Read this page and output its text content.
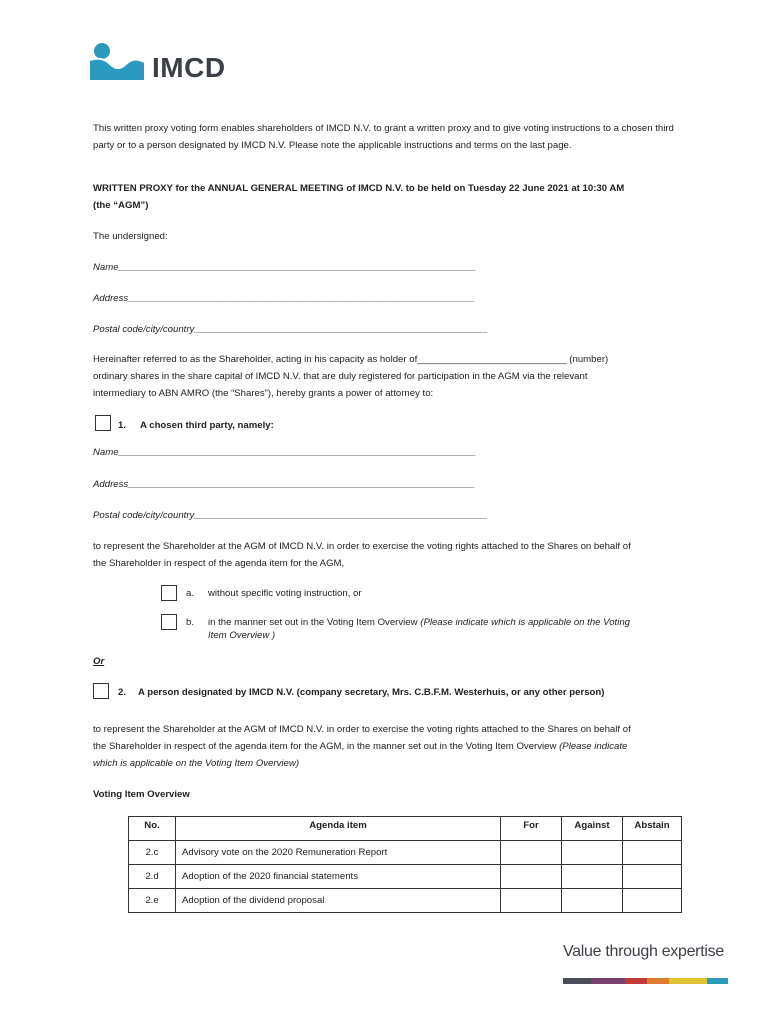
IMCD
This written proxy voting form enables shareholders of IMCD N.V. to grant a written proxy and to give voting instructions to a chosen third party or to a person designated by IMCD N.V. Please note the applicable instructions and terms on the last page.
WRITTEN PROXY for the ANNUAL GENERAL MEETING of IMCD N.V. to be held on Tuesday 22 June 2021 at 10:30 AM
(the “AGM”)
The undersigned:
Name___________________________________________________________________
Address_________________________________________________________________
Postal code/city/country_______________________________________________________
Hereinafter referred to as the Shareholder, acting in his capacity as holder of____________________________ (number)
ordinary shares in the share capital of IMCD N.V. that are duly registered for participation in the AGM via the relevant
intermediary to ABN AMRO (the “Shares”), hereby grants a power of attorney to:
1. A chosen third party, namely:
Name___________________________________________________________________
Address_________________________________________________________________
Postal code/city/country_______________________________________________________
to represent the Shareholder at the AGM of IMCD N.V. in order to exercise the voting rights attached to the Shares on behalf of
the Shareholder in respect of the agenda item for the AGM,
a. without specific voting instruction, or
b. in the manner set out in the Voting Item Overview (Please indicate which is applicable on the Voting
Item Overview )
Or
2. A person designated by IMCD N.V. (company secretary, Mrs. C.B.F.M. Westerhuis, or any other person)
to represent the Shareholder at the AGM of IMCD N.V. in order to exercise the voting rights attached to the Shares on behalf of
the Shareholder in respect of the agenda item for the AGM, in the manner set out in the Voting Item Overview (Please indicate
which is applicable on the Voting Item Overview)
Voting Item Overview
No.	Agenda item	For	Against	Abstain
2.c	Advisory vote on the 2020 Remuneration Report			
2.d	Adoption of the 2020 financial statements			
2.e	Adoption of the dividend proposal			
Value through expertise
